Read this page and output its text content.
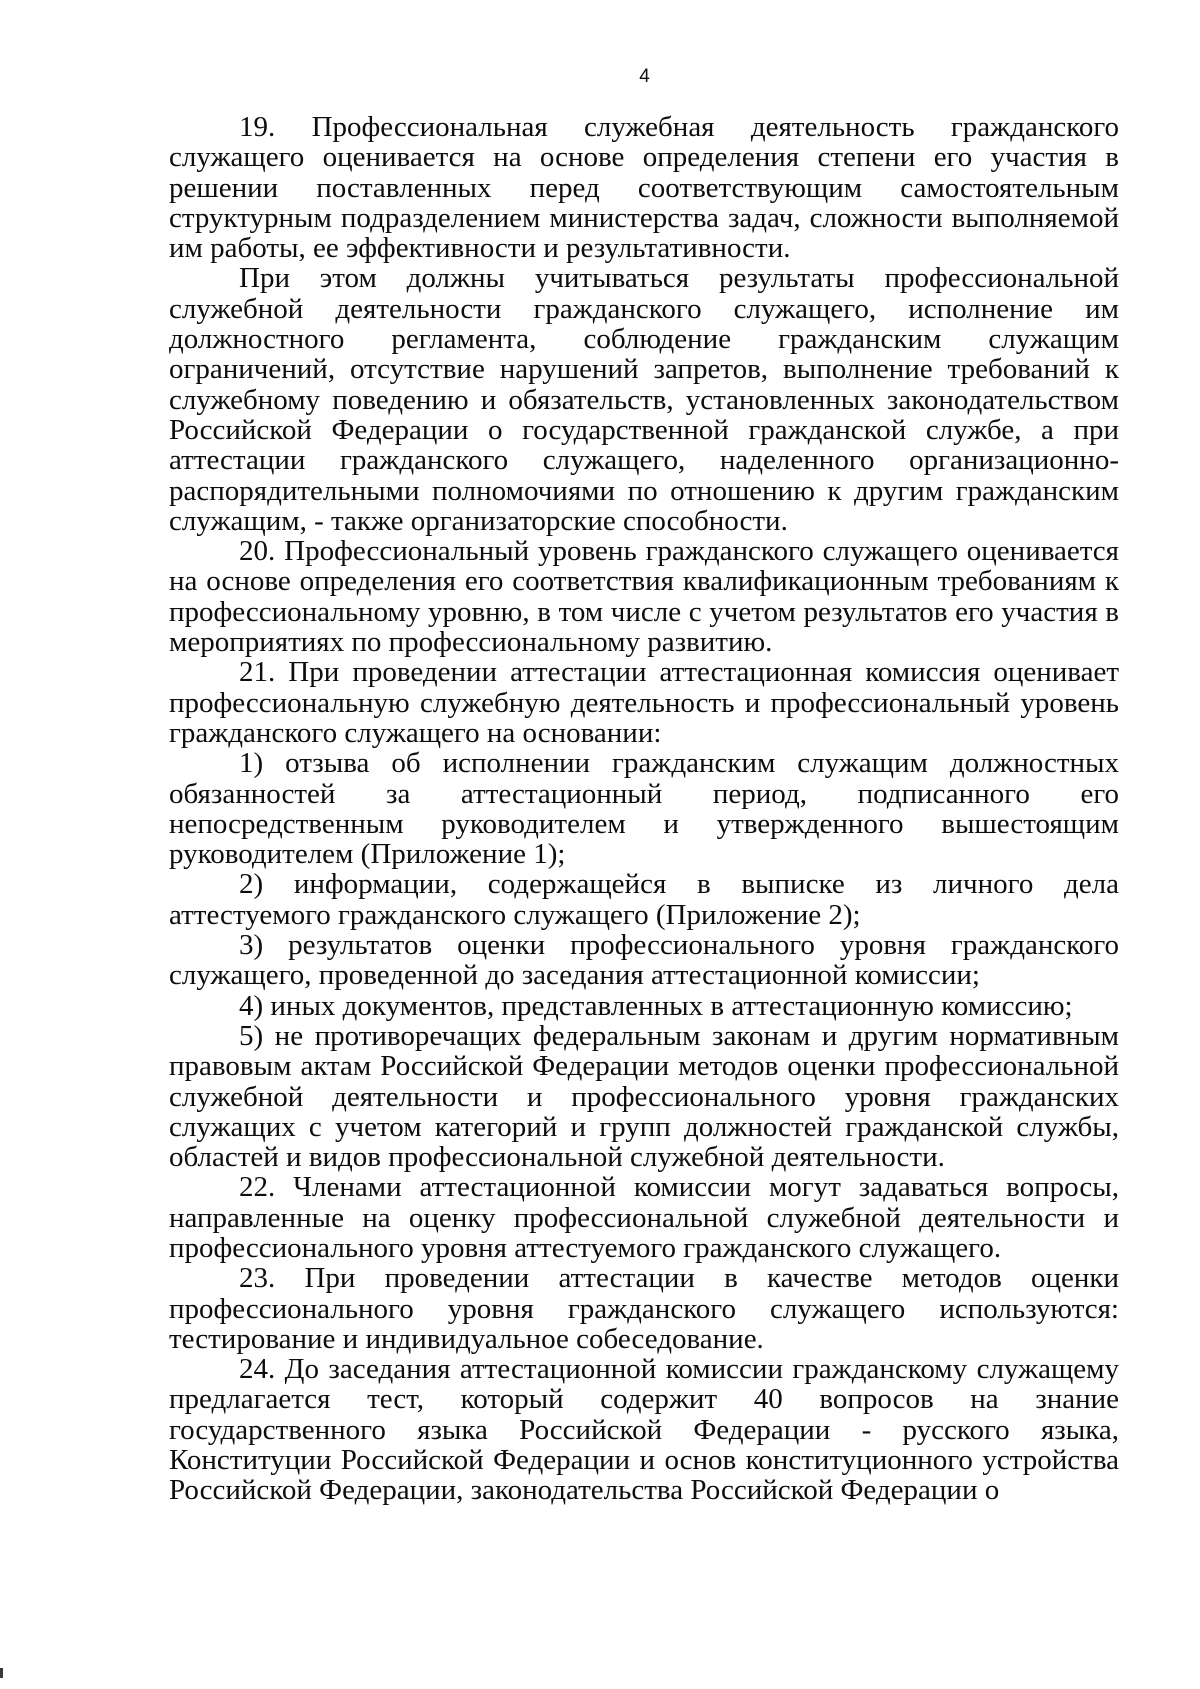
4

19. Профессиональная служебная деятельность гражданского служащего оценивается на основе определения степени его участия в решении поставленных перед соответствующим самостоятельным структурным подразделением министерства задач, сложности выполняемой им работы, ее эффективности и результативности.

При этом должны учитываться результаты профессиональной служебной деятельности гражданского служащего, исполнение им должностного регламента, соблюдение гражданским служащим ограничений, отсутствие нарушений запретов, выполнение требований к служебному поведению и обязательств, установленных законодательством Российской Федерации о государственной гражданской службе, а при аттестации гражданского служащего, наделенного организационно-распорядительными полномочиями по отношению к другим гражданским служащим, - также организаторские способности.

20. Профессиональный уровень гражданского служащего оценивается на основе определения его соответствия квалификационным требованиям к профессиональному уровню, в том числе с учетом результатов его участия в мероприятиях по профессиональному развитию.

21. При проведении аттестации аттестационная комиссия оценивает профессиональную служебную деятельность и профессиональный уровень гражданского служащего на основании:

1) отзыва об исполнении гражданским служащим должностных обязанностей за аттестационный период, подписанного его непосредственным руководителем и утвержденного вышестоящим руководителем (Приложение 1);

2) информации, содержащейся в выписке из личного дела аттестуемого гражданского служащего (Приложение 2);

3) результатов оценки профессионального уровня гражданского служащего, проведенной до заседания аттестационной комиссии;

4) иных документов, представленных в аттестационную комиссию;

5) не противоречащих федеральным законам и другим нормативным правовым актам Российской Федерации методов оценки профессиональной служебной деятельности и профессионального уровня гражданских служащих с учетом категорий и групп должностей гражданской службы, областей и видов профессиональной служебной деятельности.

22. Членами аттестационной комиссии могут задаваться вопросы, направленные на оценку профессиональной служебной деятельности и профессионального уровня аттестуемого гражданского служащего.

23. При проведении аттестации в качестве методов оценки профессионального уровня гражданского служащего используются: тестирование и индивидуальное собеседование.

24. До заседания аттестационной комиссии гражданскому служащему предлагается тест, который содержит 40 вопросов на знание государственного языка Российской Федерации - русского языка, Конституции Российской Федерации и основ конституционного устройства Российской Федерации, законодательства Российской Федерации о
